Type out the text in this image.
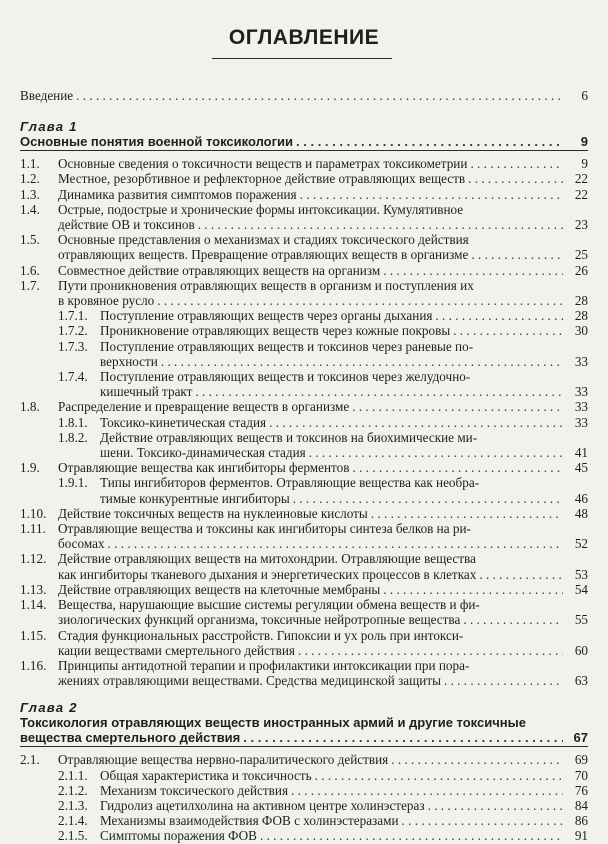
ОГЛАВЛЕНИЕ
Введение . . .	6
Глава 1
Основные понятия военной токсикологии . . .	9
1.1. Основные сведения о токсичности веществ и параметрах токсикометрии . . .	9
1.2. Местное, резорбтивное и рефлекторное действие отравляющих веществ . . .	22
1.3. Динамика развития симптомов поражения . . .	22
1.4. Острые, подострые и хронические формы интоксикации. Кумулятивное
действие ОВ и токсинов . . .	23
1.5. Основные представления о механизмах и стадиях токсического действия
отравляющих веществ. Превращение отравляющих веществ в организме . . .	25
1.6. Совместное действие отравляющих веществ на организм . . .	26
1.7. Пути проникновения отравляющих веществ в организм и поступления их
в кровяное русло . . .	28
1.7.1. Поступление отравляющих веществ через органы дыхания . . .	28
1.7.2. Проникновение отравляющих веществ через кожные покровы . . .	30
1.7.3. Поступление отравляющих веществ и токсинов через раневые по-
верхности . . .	33
1.7.4. Поступление отравляющих веществ и токсинов через желудочно-
кишечный тракт . . .	33
1.8. Распределение и превращение веществ в организме . . .	33
1.8.1. Токсико-кинетическая стадия . . .	33
1.8.2. Действие отравляющих веществ и токсинов на биохимические ми-
шени. Токсико-динамическая стадия . . .	41
1.9. Отравляющие вещества как ингибиторы ферментов . . .	45
1.9.1. Типы ингибиторов ферментов. Отравляющие вещества как необра-
тимые конкурентные ингибиторы . . .	46
1.10. Действие токсичных веществ на нуклеиновые кислоты . . .	48
1.11. Отравляющие вещества и токсины как ингибиторы синтеза белков на ри-
босомах . . .	52
1.12. Действие отравляющих веществ на митохондрии. Отравляющие вещества
как ингибиторы тканевого дыхания и энергетических процессов в клетках . . .	53
1.13. Действие отравляющих веществ на клеточные мембраны . . .	54
1.14. Вещества, нарушающие высшие системы регуляции обмена веществ и фи-
зиологических функций организма, токсичные нейротропные вещества . . .	55
1.15. Стадия функциональных расстройств. Гипоксии и ух роль при интокси-
кации веществами смертельного действия . . .	60
1.16. Принципы антидотной терапии и профилактики интоксикации при пора-
жениях отравляющими веществами. Средства медицинской защиты . . .	63
Глава 2
Токсикология отравляющих веществ иностранных армий и другие токсичные
вещества смертельного действия . . .	67
2.1. Отравляющие вещества нервно-паралитического действия . . .	69
2.1.1. Общая характеристика и токсичность . . .	70
2.1.2. Механизм токсического действия . . .	76
2.1.3. Гидролиз ацетилхолина на активном центре холинэстераз . . .	84
2.1.4. Механизмы взаимодействия ФОВ с холинэстеразами . . .	86
2.1.5. Симптомы поражения ФОВ . . .	91
